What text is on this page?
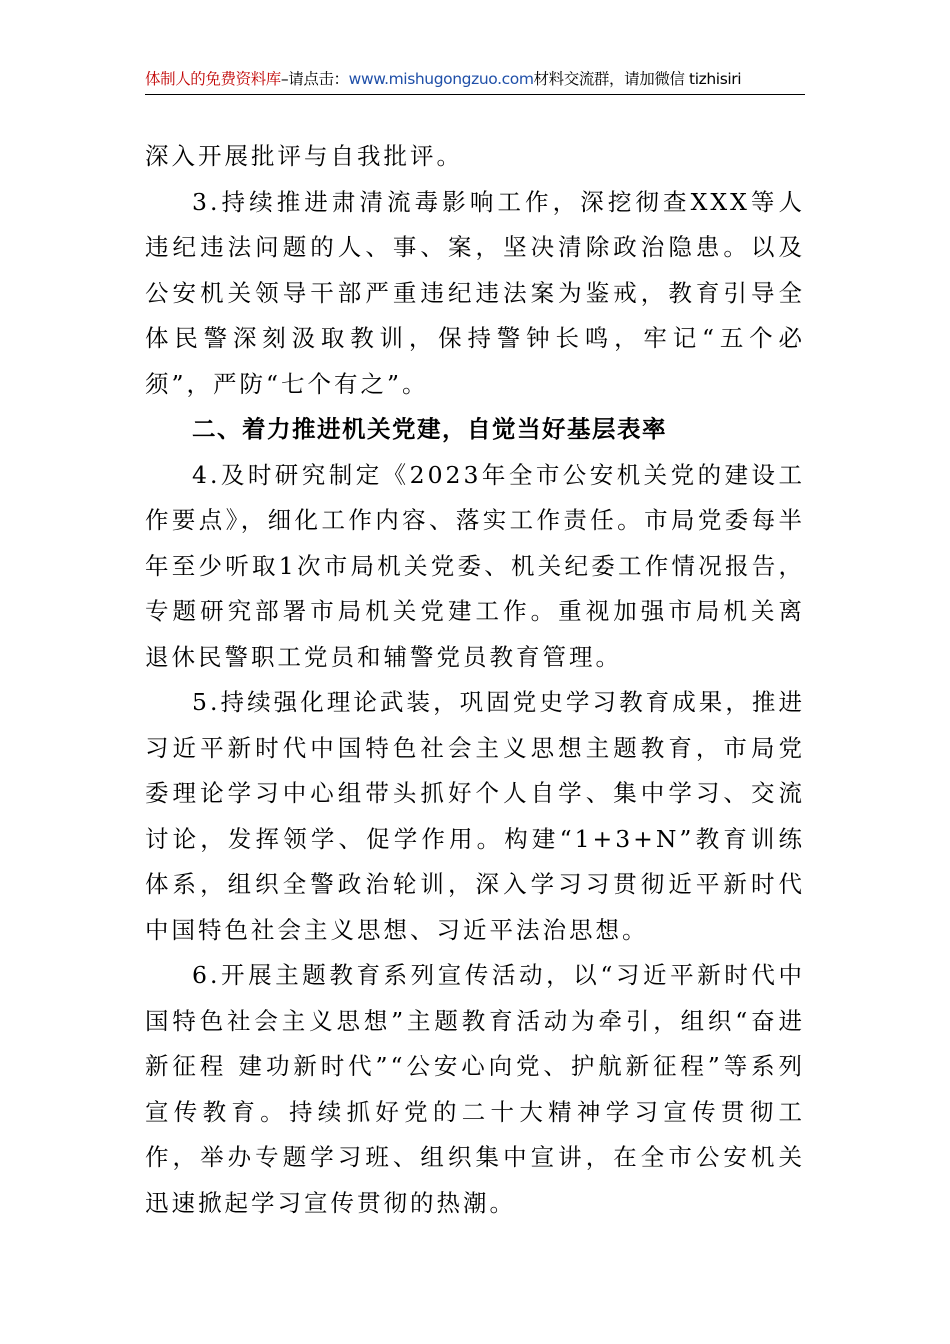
体制人的免费资料库–请点击：www.mishugongzuo.com材料交流群，请加微信 tizhisiri

深入开展批评与自我批评。

3.持续推进肃清流毒影响工作，深挖彻查XXX等人违纪违法问题的人、事、案，坚决清除政治隐患。以及公安机关领导干部严重违纪违法案为鉴戒，教育引导全体民警深刻汲取教训，保持警钟长鸣，牢记“五个必须”，严防“七个有之”。

二、着力推进机关党建，自觉当好基层表率

4.及时研究制定《2023年全市公安机关党的建设工作要点》，细化工作内容、落实工作责任。市局党委每半年至少听取1次市局机关党委、机关纪委工作情况报告，专题研究部署市局机关党建工作。重视加强市局机关离退休民警职工党员和辅警党员教育管理。

5.持续强化理论武装，巩固党史学习教育成果，推进习近平新时代中国特色社会主义思想主题教育，市局党委理论学习中心组带头抓好个人自学、集中学习、交流讨论，发挥领学、促学作用。构建“1+3+N”教育训练体系，组织全警政治轮训，深入学习习贯彻近平新时代中国特色社会主义思想、习近平法治思想。

6.开展主题教育系列宣传活动，以“习近平新时代中国特色社会主义思想”主题教育活动为牵引，组织“奋进新征程 建功新时代”“公安心向党、护航新征程”等系列宣传教育。持续抓好党的二十大精神学习宣传贯彻工作，举办专题学习班、组织集中宣讲，在全市公安机关迅速掀起学习宣传贯彻的热潮。
